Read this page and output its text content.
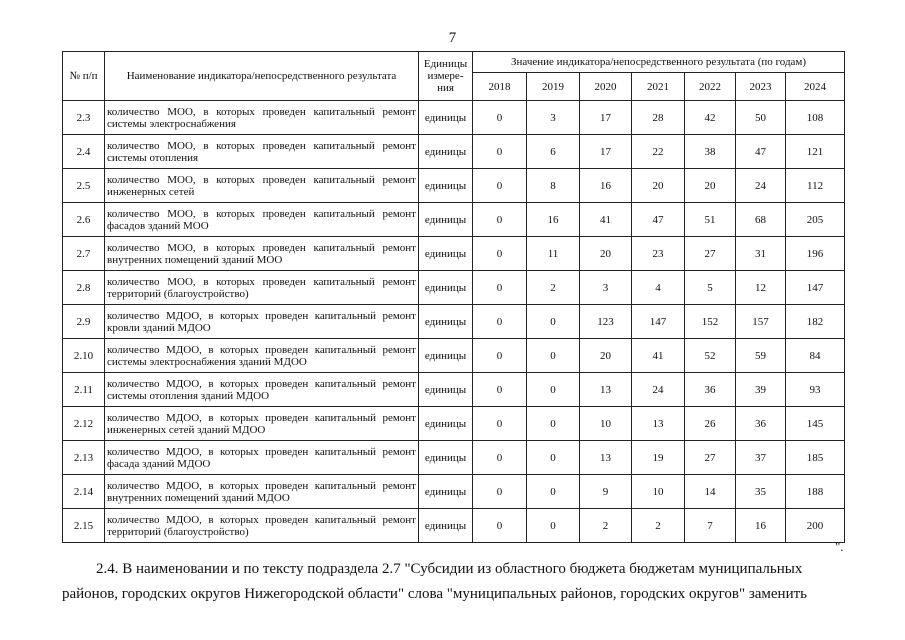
7
№ п/п	Наименование индикатора/непосредственного результата	Единицы измере-ния	Значение индикатора/непосредственного результата (по годам)						
			2018	2019	2020	2021	2022	2023	2024
2.3	количество МОО, в которых проведен капитальный ремонт системы электроснабжения	единицы	0	3	17	28	42	50	108
2.4	количество МОО, в которых проведен капитальный ремонт системы отопления	единицы	0	6	17	22	38	47	121
2.5	количество МОО, в которых проведен капитальный ремонт инженерных сетей	единицы	0	8	16	20	20	24	112
2.6	количество МОО, в которых проведен капитальный ремонт фасадов зданий МОО	единицы	0	16	41	47	51	68	205
2.7	количество МОО, в которых проведен капитальный ремонт внутренних помещений зданий МОО	единицы	0	11	20	23	27	31	196
2.8	количество МОО, в которых проведен капитальный ремонт территорий (благоустройство)	единицы	0	2	3	4	5	12	147
2.9	количество МДОО, в которых проведен капитальный ремонт кровли зданий МДОО	единицы	0	0	123	147	152	157	182
2.10	количество МДОО, в которых проведен капитальный ремонт системы электроснабжения зданий МДОО	единицы	0	0	20	41	52	59	84
2.11	количество МДОО, в которых проведен капитальный ремонт системы отопления зданий МДОО	единицы	0	0	13	24	36	39	93
2.12	количество МДОО, в которых проведен капитальный ремонт инженерных сетей зданий МДОО	единицы	0	0	10	13	26	36	145
2.13	количество МДОО, в которых проведен капитальный ремонт фасада зданий МДОО	единицы	0	0	13	19	27	37	185
2.14	количество МДОО, в которых проведен капитальный ремонт внутренних помещений зданий МДОО	единицы	0	0	9	10	14	35	188
2.15	количество МДОО, в которых проведен капитальный ремонт территорий (благоустройство)	единицы	0	0	2	2	7	16	200
".
2.4. В наименовании и по тексту подраздела 2.7 "Субсидии из областного бюджета бюджетам муниципальных
районов, городских округов Нижегородской области" слова "муниципальных районов, городских округов" заменить
